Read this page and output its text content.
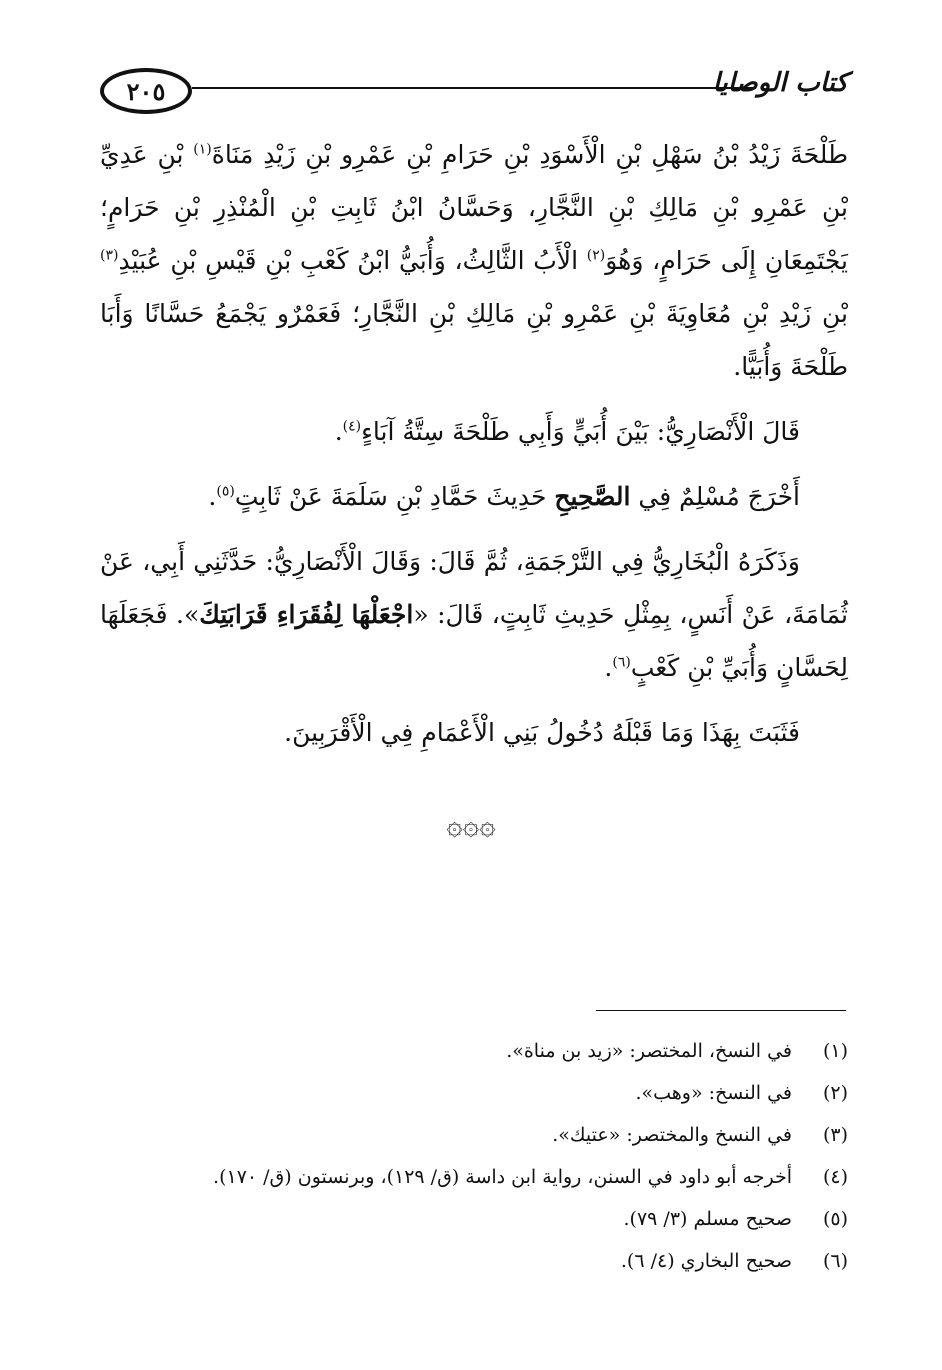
٢٠٥	كتاب الوصايا

طَلْحَةَ زَيْدُ بْنُ سَهْلِ بْنِ الْأَسْوَدِ بْنِ حَرَامِ بْنِ عَمْرِو بْنِ زَيْدِ مَنَاةَ$^{(١)}$ بْنِ عَدِيِّ بْنِ عَمْرِو بْنِ مَالِكِ بْنِ النَّجَّارِ، وَحَسَّانُ ابْنُ ثَابِتِ بْنِ الْمُنْذِرِ بْنِ حَرَامٍ؛ يَجْتَمِعَانِ إِلَى حَرَامٍ، وَهُوَ$^{(٢)}$ الْأَبُ الثَّالِثُ، وَأُبَيُّ ابْنُ كَعْبِ بْنِ قَيْسِ بْنِ عُبَيْدِ$^{(٣)}$ بْنِ زَيْدِ بْنِ مُعَاوِيَةَ بْنِ عَمْرِو بْنِ مَالِكِ بْنِ النَّجَّارِ؛ فَعَمْرٌو يَجْمَعُ حَسَّانًا وَأَبَا طَلْحَةَ وَأُبَيًّا.

قَالَ الْأَنْصَارِيُّ: بَيْنَ أُبَيٍّ وَأَبِي طَلْحَةَ سِتَّةُ آبَاءٍ$^{(٤)}$.

أَخْرَجَ مُسْلِمٌ فِي الصَّحِيحِ حَدِيثَ حَمَّادِ بْنِ سَلَمَةَ عَنْ ثَابِتٍ$^{(٥)}$.

وَذَكَرَهُ الْبُخَارِيُّ فِي التَّرْجَمَةِ، ثُمَّ قَالَ: وَقَالَ الْأَنْصَارِيُّ: حَدَّثَنِي أَبِي، عَنْ ثُمَامَةَ، عَنْ أَنَسٍ، بِمِثْلِ حَدِيثِ ثَابِتٍ، قَالَ: «اجْعَلْهَا لِفُقَرَاءِ قَرَابَتِكَ». فَجَعَلَهَا لِحَسَّانٍ وَأُبَيِّ بْنِ كَعْبٍ$^{(٦)}$.

فَثَبَتَ بِهَذَا وَمَا قَبْلَهُ دُخُولُ بَنِي الْأَعْمَامِ فِي الْأَقْرَبِينَ.

۞۞۞
(١)
في النسخ، المختصر: «زيد بن مناة».
(٢)
في النسخ: «وهب».
(٣)
في النسخ والمختصر: «عتيك».
(٤)
أخرجه أبو داود في السنن، رواية ابن داسة (ق/ ١٢٩)، وبرنستون (ق/ ١٧٠).
(٥)
صحيح مسلم (٣/ ٧٩).
(٦)
صحيح البخاري (٤/ ٦).
